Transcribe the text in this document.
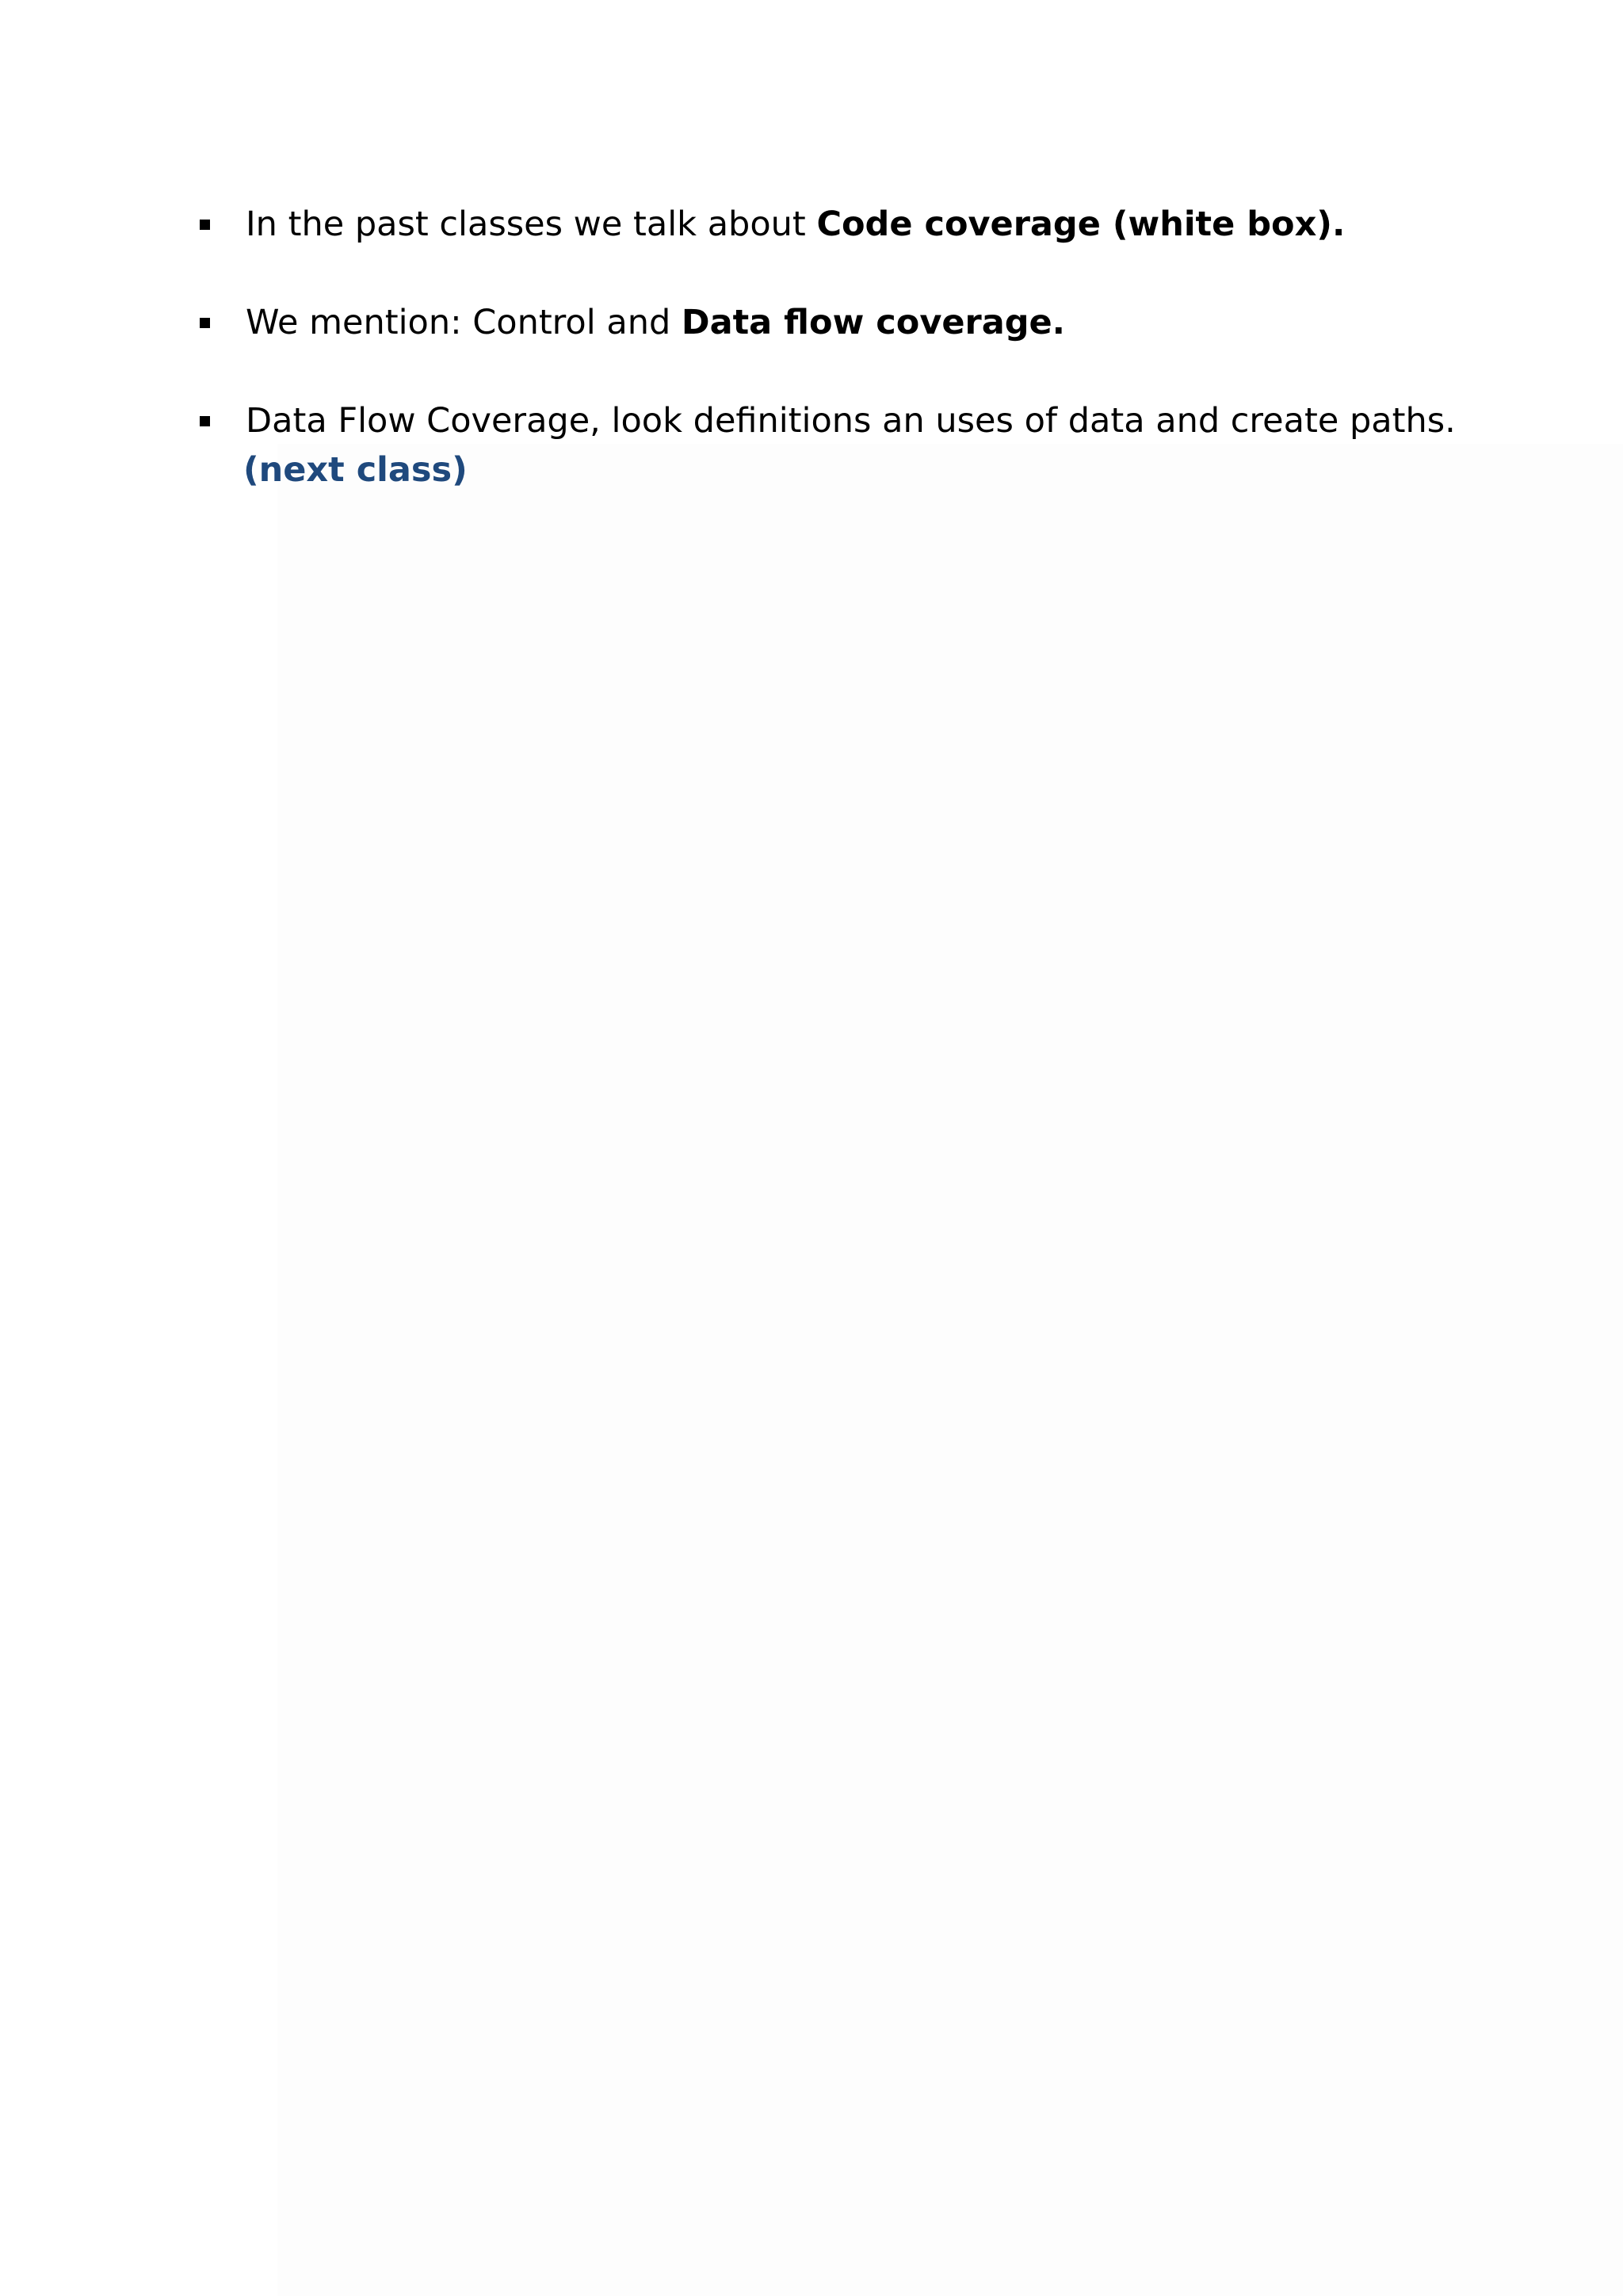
In the past classes we talk about Code coverage (white box).
We mention: Control and Data flow coverage.
Data Flow Coverage, look definitions an uses of data and create paths.
(next class)
